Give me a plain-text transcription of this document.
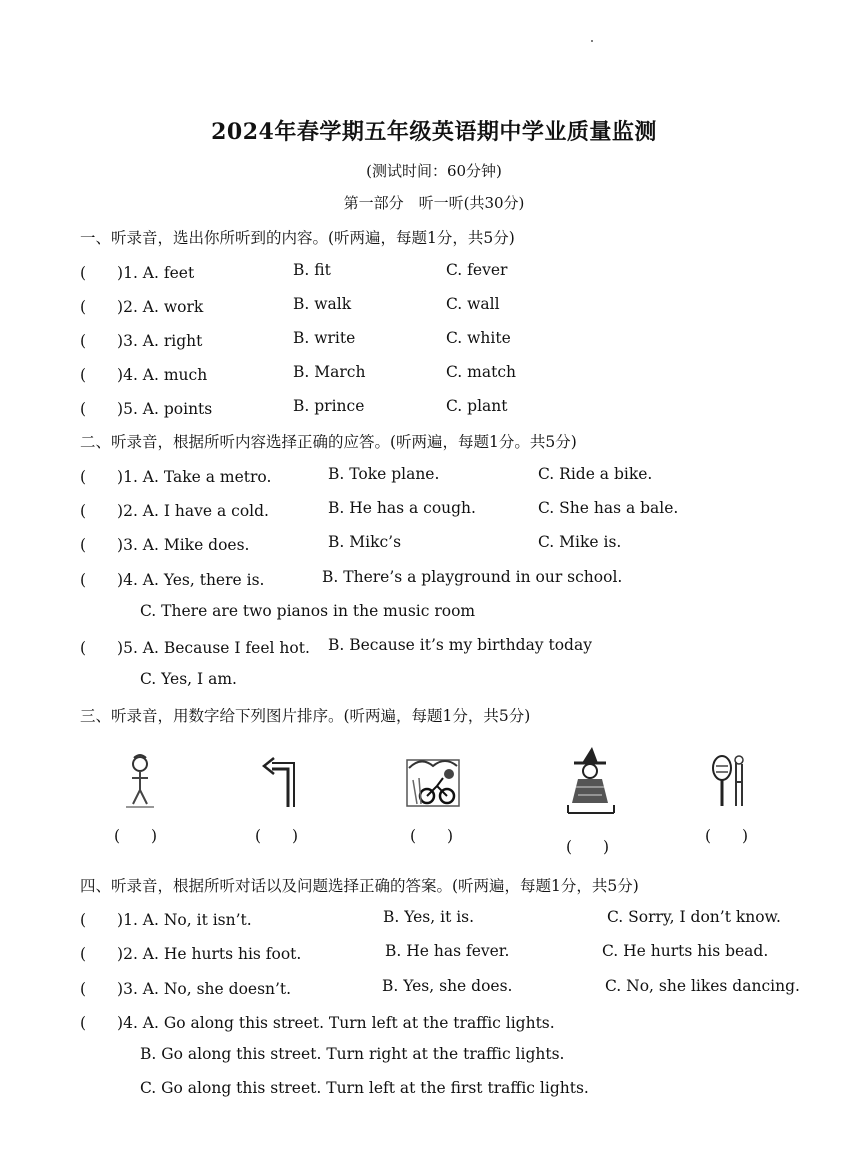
2024年春学期五年级英语期中学业质量监测
(测试时间：60分钟)
第一部分　听一听(共30分)
一、听录音，选出你所听到的内容。(听两遍，每题1分，共5分)
(　　)1. A. feet	B. fit	C. fever
(　　)2. A. work	B. walk	C. wall
(　　)3. A. right	B. write	C. white
(　　)4. A. much	B. March	C. match
(　　)5. A. points	B. prince	C. plant
二、听录音，根据所听内容选择正确的应答。(听两遍，每题1分。共5分)
(　　)1. A. Take a metro.	B. Toke plane.	C. Ride a bike.
(　　)2. A. I have a cold.	B. He has a cough.	C. She has a bale.
(　　)3. A. Mike does.	B. Mikc’s	C. Mike is.
(　　)4. A. Yes, there is.	B. There’s a playground in our school.
C. There are two pianos in the music room
(　　)5. A. Because I feel hot. B. Because it’s my birthday today
C. Yes, I am.
三、听录音，用数字给下列图片排序。(听两遍，每题1分，共5分)
(　　)	(　　)	(　　)
(　　)
(　　)
四、听录音，根据所听对话以及问题选择正确的答案。(听两遍，每题1分，共5分)
(　　)1. A. No, it isn’t.	B. Yes, it is.	C. Sorry, I don’t know.
(　　)2. A. He hurts his foot.	B. He has fever.	C. He hurts his bead.
(　　)3. A. No, she doesn’t.	B. Yes, she does.	C. No, she likes dancing.
(　　)4. A. Go along this street. Turn left at the traffic lights.
B. Go along this street. Turn right at the traffic lights.
C. Go along this street. Turn left at the first traffic lights.
